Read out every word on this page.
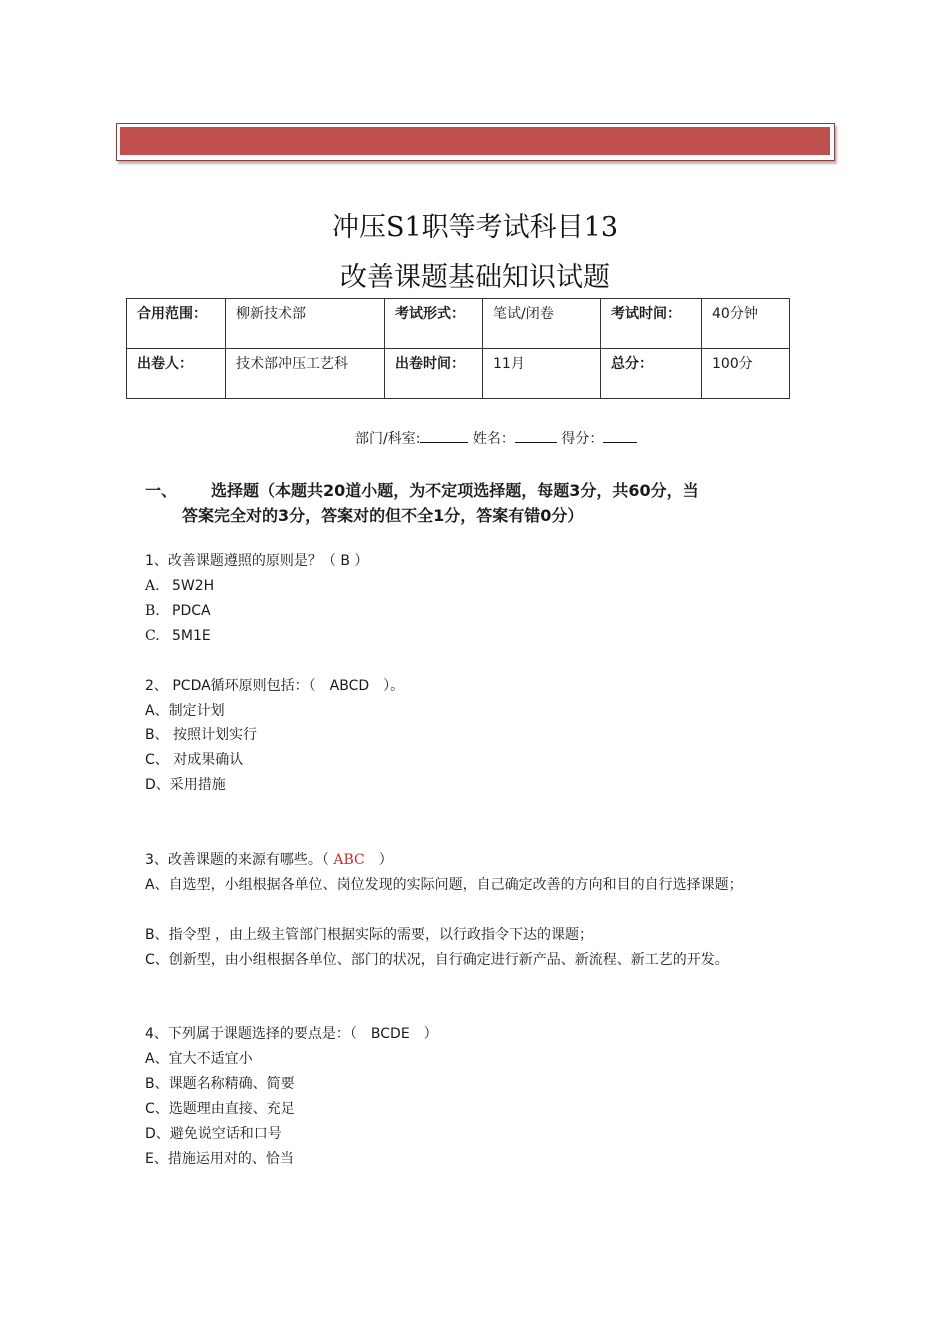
冲压S1职等考试科目13
改善课题基础知识试题
合用范围：	柳新技术部	考试形式：	笔试/闭卷	考试时间：	40分钟
出卷人：	技术部冲压工艺科	出卷时间：	11月	总分：	100分
部门/科室:	姓名：	得分：
一、 选择题（本题共20道小题，为不定项选择题，每题3分，共60分，当
答案完全对的3分，答案对的但不全1分，答案有错0分）
1、改善课题遵照的原则是？（ B ）
A. 5W2H
B. PDCA
C. 5M1E
2、 PCDA循环原则包括：（　ABCD　）。
A、制定计划
B、 按照计划实行
C、 对成果确认
D、采用措施
3、改善课题的来源有哪些。（ ABC　）
A、自选型，小组根据各单位、岗位发现的实际问题，自己确定改善的方向和目的自行选择课题；
B、指令型 ，由上级主管部门根据实际的需要，以行政指令下达的课题；
C、创新型，由小组根据各单位、部门的状况，自行确定进行新产品、新流程、新工艺的开发。
4、下列属于课题选择的要点是：（　BCDE　）
A、宜大不适宜小
B、课题名称精确、简要
C、选题理由直接、充足
D、避免说空话和口号
E、措施运用对的、恰当
